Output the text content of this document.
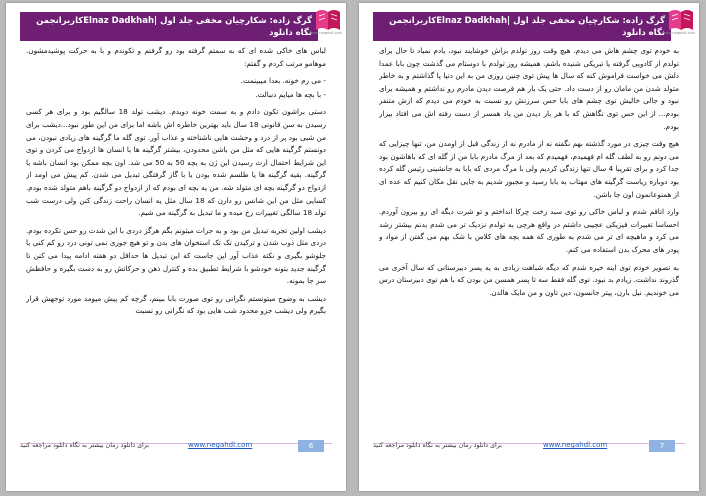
گرگ زاده: شکارچیان مخفی جلد اول |Elnaz Dadkhahکاربرانجمن نگاه دانلود
www.negahdl.com

لباس های خاکی شده ای که به سمتم گرفته بود رو گرفتم و تکوندم و با به حرکت پوشیدمشون. موهامو مرتب کردم و گفتم:

- می رم خونه. بعدا میبینمت.

- با بچه ها میایم دنبالت.

دستی براشون تکون دادم و به سمت خونه دویدم. دیشب تولد 18 سالگیم بود و برای هر کسی رسیدن به سن قانونی 18 سال باید بهترین خاطره اش باشه اما برای من این طور نبود...دیشب برای من شبی بود پر از درد و وحشت هایی ناشناخته و عذاب آور. توی گله ما گرگینه های زیادی نبودن، می دونستم گرگینه هایی که مثل من باشن محدودن، بیشتر گرگینه ها با انسان ها ازدواج می کردن و توی این شرایط احتمال ارث رسیدن این ژن به بچه 50 به 50 می شد. اون بچه ممکن بود انسان باشه یا گرگینه. بقیه گرگینه ها یا طلسم شده بودن یا با گاز گرفتگی تبدیل می شدن. کم پیش می اومد از ازدواج دو گرگینه بچه ای متولد شه. من یه بچه ای بودم که از ازدواج دو گرگینه باهم متولد شده بودم. کسایی مثل من این شانس رو دارن که 18 سال مثل یه انسان راحت زندگی کنن ولی درست شب تولد 18 سالگی تغییرات رخ میده و ما تبدیل به گرگینه می شیم.

دیشب اولین تجربه تبدیل من بود و به جرات میتونم بگم هرگز دردی با این شدت رو حس نکرده بودم. دردی مثل ذوب شدن و ترکیدن تک تک استخوان های بدن و تو هیچ جوری نمی تونی درد رو کم کنی یا جلوشو بگیری و نکته عذاب آور این جاست که این تبدیل ها حداقل دو هفته ادامه پیدا می کنن تا گرگینه جدید بتونه خودشو با شرایط تطبیق بده و کنترل ذهن و حرکاتش رو به دست بگیره و حافظش سر جا بمونه.

دیشب به وضوح میتونستم نگرانی رو توی صورت بابا ببینم، گرچه کم پیش میومد مورد توجهش قرار بگیرم ولی دیشب جزو محدود شب هایی بود که نگرانی رو نسبت

برای دانلود رمان بیشتر به نگاه دانلود مراجعه کنید	www.negahdl.com	6
گرگ زاده: شکارچیان مخفی جلد اول |Elnaz Dadkhahکاربرانجمن نگاه دانلود
www.negahdl.com

به خودم توی چشم هاش می دیدم. هیچ وقت روز تولدم براش خوشایند نبود، یادم نمیاد تا حال برای تولدم از کادویی گرفته یا تبریکی شنیده باشم. همیشه روز تولدم با دوستام می گذشت چون بابا عمدا دلش می خواست فراموش کنه که سال ها پیش توی چنین روزی من به این دنیا پا گذاشتم و به خاطر متولد شدن من مامان رو از دست داد. حتی یک بار هم فرصت دیدن مادرم رو نداشتم و همیشه برای نبود و جالی خالیش توی چشم های بابا حس سرزنش رو نسبت به خودم می دیدم که ازش متنفر بودم... از این حس توی نگاهش که با هر بار دیدن من یاد همسر از دست رفته اش می افتاد بیزار بودم.

هیچ وقت چیزی در مورد گذشته بهم نگفته نه از مادرم نه از زندگی قبل از اومدن من، تنها چیزایی که می دونم رو به لطف گله ام فهمیدم، فهمیدم که بعد از مرگ مادرم بابا من از گله ای که باهاشون بود جدا کرد و برای تقریبا 4 سال تنها زندگی کردیم ولی با مرگ مردی که بابا به جانشینی رئیس گله کرده بود دوباره ریاست گرگینه های مهتاب به بابا رسید و مجبور شدیم به جایی نقل مکان کنیم که عده ای از همنوعانمون اون جا باشن.

وارد اتاقم شدم و لباس خاکی رو توی سبد رخت چرکا انداختم و تو شرت دیگه ای رو بیرون آوردم. احساسا تغییرات فیزیکی عجیبی داشتم در واقع هرچی به تولدم نزدیک تر می شدم بدنم بیشتر رشد می کرد و ماهیچه ای تر می شدم به طوری که همه بچه های کلاس با شک بهم می گفتن از مواد و پودر های محرک بدن استفاده می کنم.

به تصویر خودم توی اینه خیره شدم که دیگه شباهت زیادی به یه پسر دبیرستانی که سال آخری می گذروند نداشت. زیادم بد نبود. توی گله فقط سه تا پسر همسن من بودن که با هم توی دبیرستان درس می خوندیم. نیل بارن، پیتر جانسون، دین تاون و من مایک هالدن.

برای دانلود رمان بیشتر به نگاه دانلود مراجعه کنید	www.negahdl.com	7
